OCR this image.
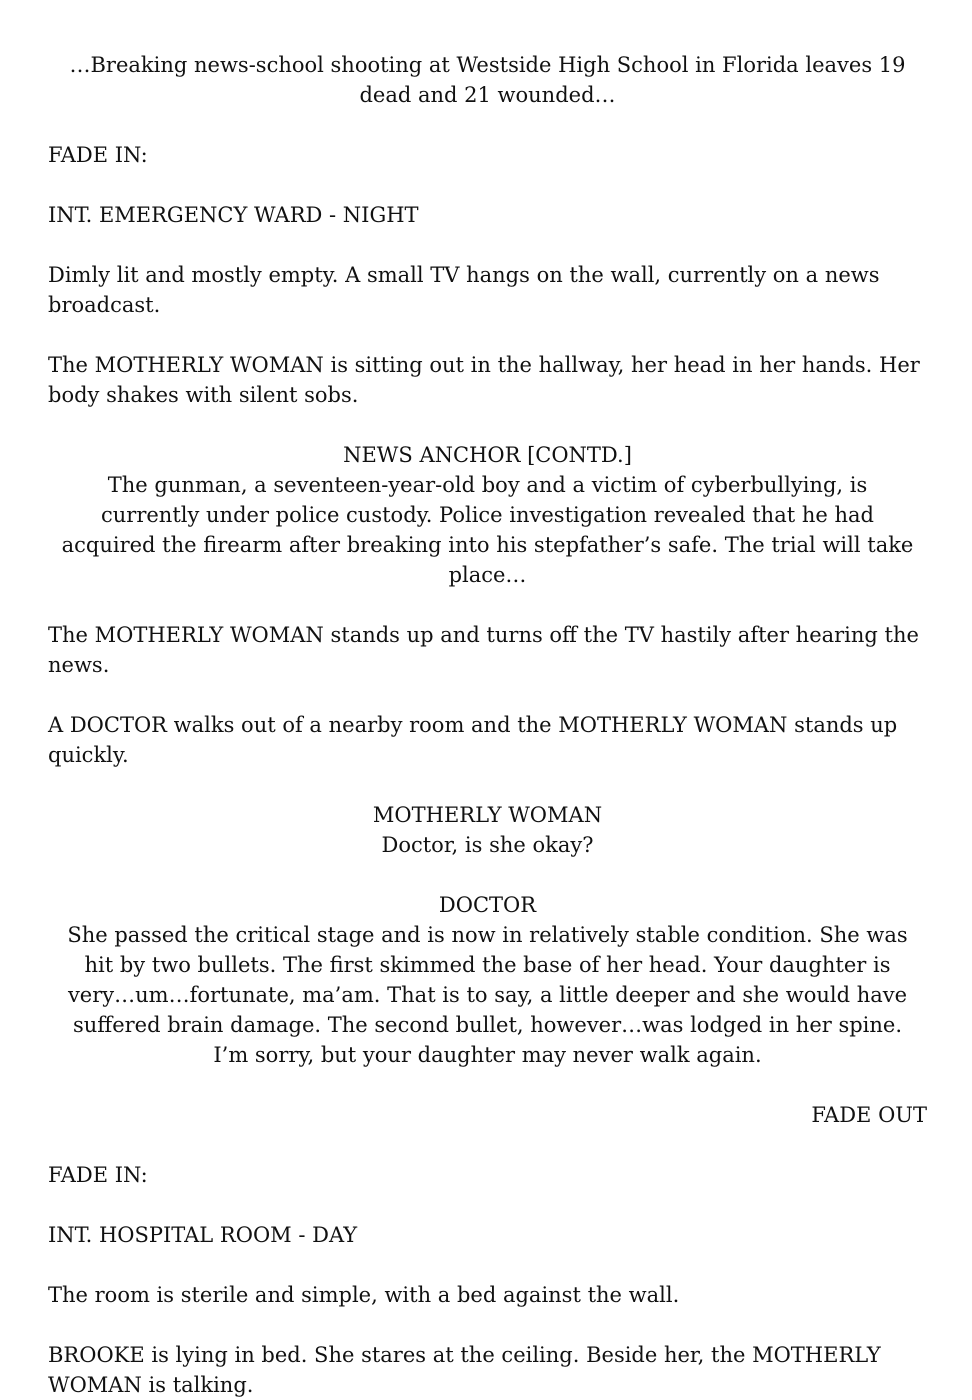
…Breaking news-school shooting at Westside High School in Florida leaves 19 dead and 21 wounded…
FADE IN:
INT. EMERGENCY WARD - NIGHT
Dimly lit and mostly empty. A small TV hangs on the wall, currently on a news broadcast.
The MOTHERLY WOMAN is sitting out in the hallway, her head in her hands. Her body shakes with silent sobs.
NEWS ANCHOR [CONTD.]
The gunman, a seventeen-year-old boy and a victim of cyberbullying, is currently under police custody. Police investigation revealed that he had acquired the firearm after breaking into his stepfather’s safe. The trial will take place…
The MOTHERLY WOMAN stands up and turns off the TV hastily after hearing the news.
A DOCTOR walks out of a nearby room and the MOTHERLY WOMAN stands up quickly.
MOTHERLY WOMAN
Doctor, is she okay?
DOCTOR
She passed the critical stage and is now in relatively stable condition. She was hit by two bullets. The first skimmed the base of her head. Your daughter is very…um…fortunate, ma’am. That is to say, a little deeper and she would have suffered brain damage. The second bullet, however…was lodged in her spine. I’m sorry, but your daughter may never walk again.
FADE OUT
FADE IN:
INT. HOSPITAL ROOM - DAY
The room is sterile and simple, with a bed against the wall.
BROOKE is lying in bed. She stares at the ceiling. Beside her, the MOTHERLY WOMAN is talking.
